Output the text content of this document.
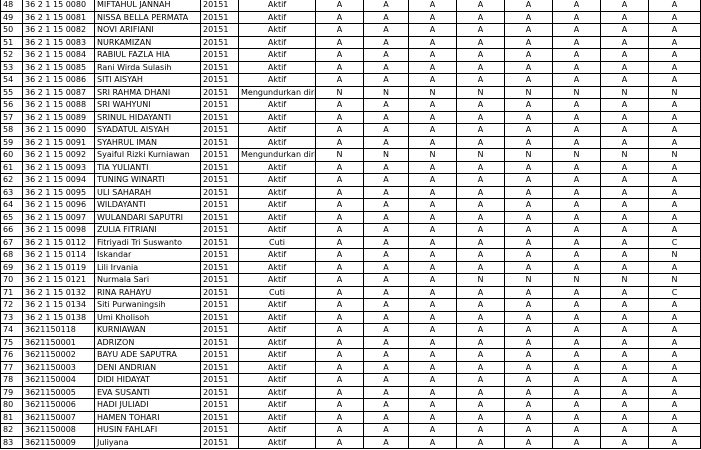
48	36 2 1 15 0080	MIFTAHUL JANNAH	20151	Aktif	A	A	A	A	A	A	A	A
49	36 2 1 15 0081	NISSA BELLA PERMATA	20151	Aktif	A	A	A	A	A	A	A	A
50	36 2 1 15 0082	NOVI ARIFIANI	20151	Aktif	A	A	A	A	A	A	A	A
51	36 2 1 15 0083	NURKAMIZAN	20151	Aktif	A	A	A	A	A	A	A	A
52	36 2 1 15 0084	RABIUL FAZLA HIA	20151	Aktif	A	A	A	A	A	A	A	A
53	36 2 1 15 0085	Rani Wirda Sulasih	20151	Aktif	A	A	A	A	A	A	A	A
54	36 2 1 15 0086	SITI AISYAH	20151	Aktif	A	A	A	A	A	A	A	A
55	36 2 1 15 0087	SRI RAHMA DHANI	20151	Mengundurkan diri	N	N	N	N	N	N	N	N
56	36 2 1 15 0088	SRI WAHYUNI	20151	Aktif	A	A	A	A	A	A	A	A
57	36 2 1 15 0089	SRINUL HIDAYANTI	20151	Aktif	A	A	A	A	A	A	A	A
58	36 2 1 15 0090	SYADATUL AISYAH	20151	Aktif	A	A	A	A	A	A	A	A
59	36 2 1 15 0091	SYAHRUL IMAN	20151	Aktif	A	A	A	A	A	A	A	A
60	36 2 1 15 0092	Syaiful Rizki Kurniawan	20151	Mengundurkan diri	N	N	N	N	N	N	N	N
61	36 2 1 15 0093	TIA YULIANTI	20151	Aktif	A	A	A	A	A	A	A	A
62	36 2 1 15 0094	TUNING WINARTI	20151	Aktif	A	A	A	A	A	A	A	A
63	36 2 1 15 0095	ULI SAHARAH	20151	Aktif	A	A	A	A	A	A	A	A
64	36 2 1 15 0096	WILDAYANTI	20151	Aktif	A	A	A	A	A	A	A	A
65	36 2 1 15 0097	WULANDARI SAPUTRI	20151	Aktif	A	A	A	A	A	A	A	A
66	36 2 1 15 0098	ZULIA FITRIANI	20151	Aktif	A	A	A	A	A	A	A	A
67	36 2 1 15 0112	Fitriyadi Tri Suswanto	20151	Cuti	A	A	A	A	A	A	A	C
68	36 2 1 15 0114	Iskandar	20151	Aktif	A	A	A	A	A	A	A	N
69	36 2 1 15 0119	Lili Irvania	20151	Aktif	A	A	A	A	A	A	A	A
70	36 2 1 15 0121	Nurmala Sari	20151	Aktif	A	A	A	N	N	N	N	N
71	36 2 1 15 0132	RINA RAHAYU	20151	Cuti	A	A	A	A	A	A	A	C
72	36 2 1 15 0134	Siti Purwaningsih	20151	Aktif	A	A	A	A	A	A	A	A
73	36 2 1 15 0138	Umi Kholisoh	20151	Aktif	A	A	A	A	A	A	A	A
74	3621150118	KURNIAWAN	20151	Aktif	A	A	A	A	A	A	A	A
75	3621150001	ADRIZON	20151	Aktif	A	A	A	A	A	A	A	A
76	3621150002	BAYU ADE SAPUTRA	20151	Aktif	A	A	A	A	A	A	A	A
77	3621150003	DENI ANDRIAN	20151	Aktif	A	A	A	A	A	A	A	A
78	3621150004	DIDI HIDAYAT	20151	Aktif	A	A	A	A	A	A	A	A
79	3621150005	EVA SUSANTI	20151	Aktif	A	A	A	A	A	A	A	A
80	3621150006	HADI JULIADI	20151	Aktif	A	A	A	A	A	A	A	A
81	3621150007	HAMEN TOHARI	20151	Aktif	A	A	A	A	A	A	A	A
82	3621150008	HUSIN FAHLAFI	20151	Aktif	A	A	A	A	A	A	A	A
83	3621150009	Juliyana	20151	Aktif	A	A	A	A	A	A	A	A
